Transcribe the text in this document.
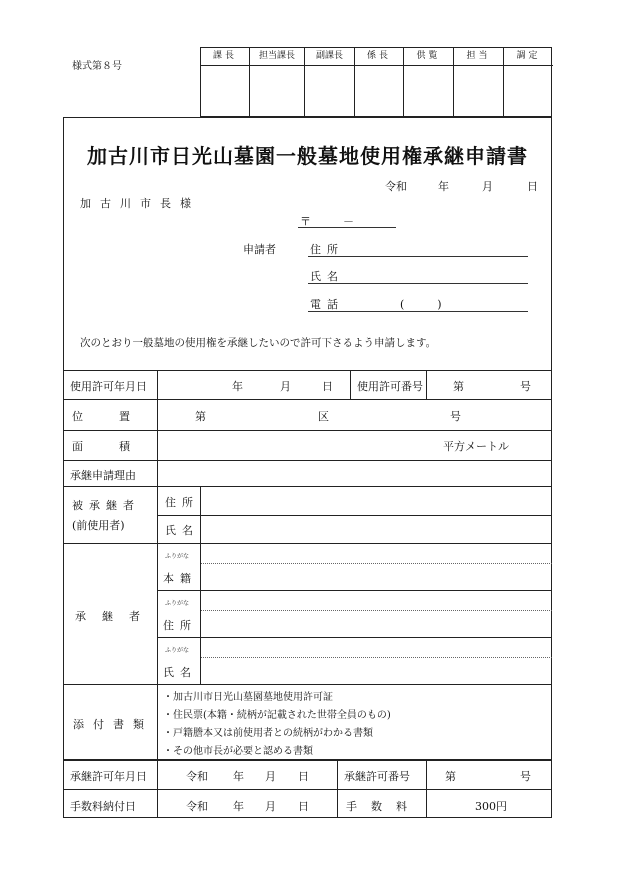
様式第８号
課長	担当課長	副課長	係長	供覧	担当	調定
加古川市日光山墓園一般墓地使用権承継申請書
令和	年	月	日
加古川市長様
〒	－
申請者	住所
氏名
電話	(　　　)
次のとおり一般墓地の使用権を承継したいので許可下さるよう申請します。
使用許可年月日	年	月	日 使用許可番号	第	号
位置	第	区	号
面積	平方メートル
承継申請理由
被承継者
(前使用者)
住所
氏名
承継者
ふりがな
本籍
ふりがな
住所
ふりがな
氏名
添付書類
・加古川市日光山墓園墓地使用許可証
・住民票(本籍・続柄が記載された世帯全員のもの)
・戸籍謄本又は前使用者との続柄がわかる書類
・その他市長が必要と認める書類
承継許可年月日	令和 年 月 日	承継許可番号	第	号
手数料納付日	令和 年 月 日	手数料	300円
